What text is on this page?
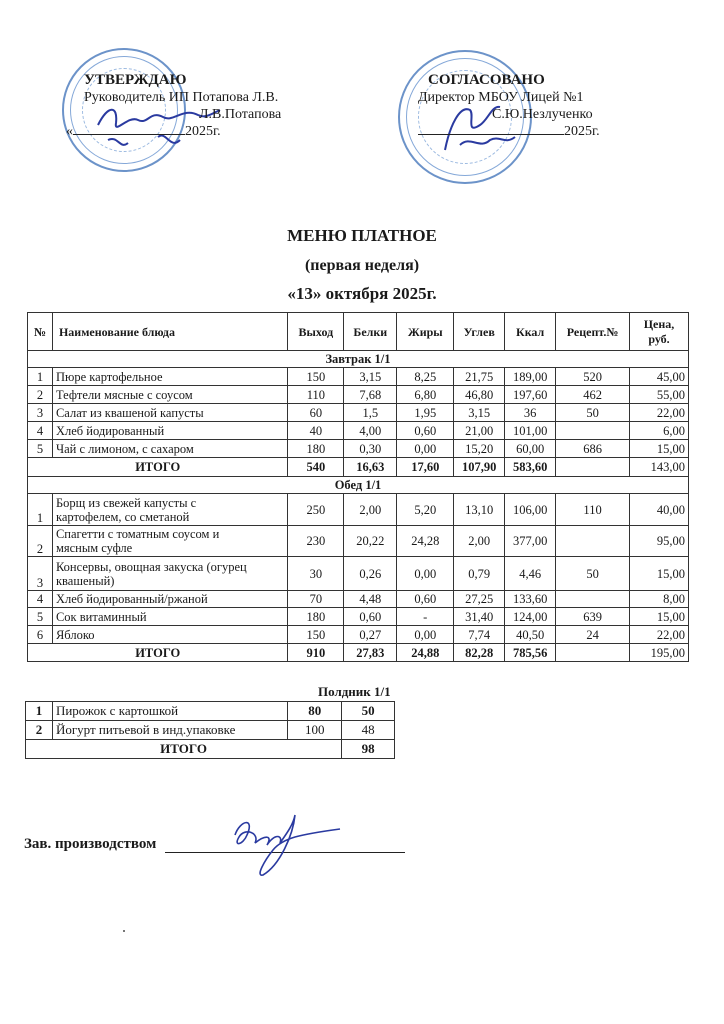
УТВЕРЖДАЮ
Руководитель ИП Потапова Л.В.
Л.В.Потапова
«	2025г.
СОГЛАСОВАНО
Директор МБОУ Лицей №1
С.Ю.Незлученко
2025г.
МЕНЮ ПЛАТНОЕ
(первая неделя)
«13» октября 2025г.
№	Наименование блюда	Выход	Белки	Жиры	Углев	Ккал	Рецепт.№	Цена, руб.
Завтрак 1/1								
1	Пюре картофельное	150	3,15	8,25	21,75	189,00	520	45,00
2	Тефтели мясные с соусом	110	7,68	6,80	46,80	197,60	462	55,00
3	Салат из квашеной капусты	60	1,5	1,95	3,15	36	50	22,00
4	Хлеб йодированный	40	4,00	0,60	21,00	101,00		6,00
5	Чай с лимоном, с сахаром	180	0,30	0,00	15,20	60,00	686	15,00
ИТОГО		540	16,63	17,60	107,90	583,60		143,00
Обед 1/1								
1	Борщ из свежей капусты с картофелем, со сметаной	250	2,00	5,20	13,10	106,00	110	40,00
2	Спагетти с томатным соусом и мясным суфле	230	20,22	24,28	2,00	377,00		95,00
3	Консервы, овощная закуска (огурец квашеный)	30	0,26	0,00	0,79	4,46	50	15,00
4	Хлеб йодированный/ржаной	70	4,48	0,60	27,25	133,60		8,00
5	Сок витаминный	180	0,60	-	31,40	124,00	639	15,00
6	Яблоко	150	0,27	0,00	7,74	40,50	24	22,00
ИТОГО		910	27,83	24,88	82,28	785,56		195,00
Полдник 1/1
1	Пирожок с картошкой	80	50
2	Йогурт питьевой в инд.упаковке	100	48
ИТОГО			98
Зав. производством
